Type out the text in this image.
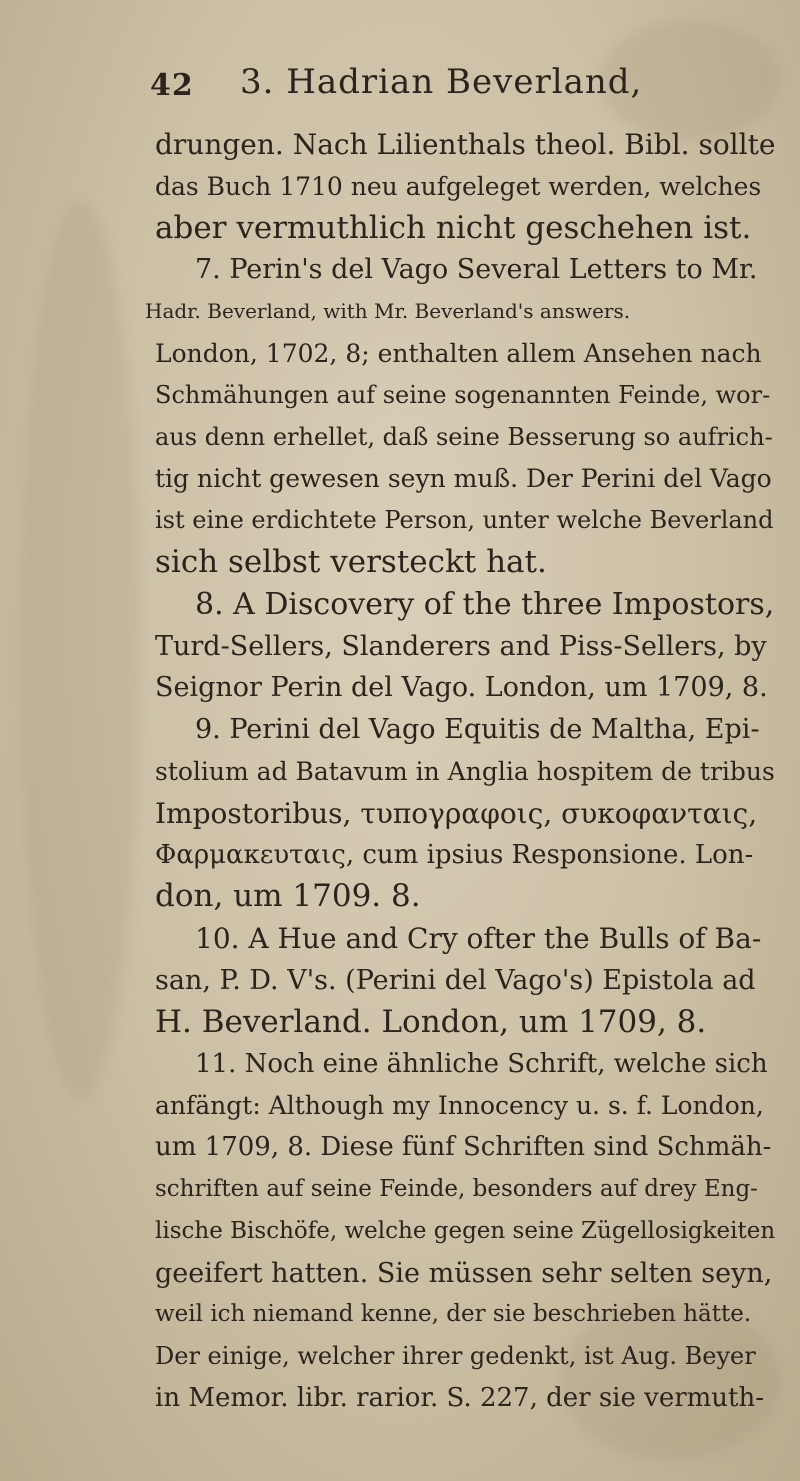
42 3. Hadrian Beverland,
drungen. Nach Lilienthals theol. Bibl. sollte
das Buch 1710 neu aufgeleget werden, welches
aber vermuthlich nicht geschehen ist.
7. Perin's del Vago Several Letters to Mr.
Hadr. Beverland, with Mr. Beverland's answers.
London, 1702, 8; enthalten allem Ansehen nach
Schmähungen auf seine sogenannten Feinde, wor-
aus denn erhellet, daß seine Besserung so aufrich-
tig nicht gewesen seyn muß. Der Perini del Vago
ist eine erdichtete Person, unter welche Beverland
sich selbst versteckt hat.
8. A Discovery of the three Impostors,
Turd-Sellers, Slanderers and Piss-Sellers, by
Seignor Perin del Vago. London, um 1709, 8.
9. Perini del Vago Equitis de Maltha, Epi-
stolium ad Batavum in Anglia hospitem de tribus
Impostoribus, τυπογραφοις, συκοφανταις,
Φαρμακευταις, cum ipsius Responsione. Lon-
don, um 1709. 8.
10. A Hue and Cry ofter the Bulls of Ba-
san, P. D. V's. (Perini del Vago's) Epistola ad
H. Beverland. London, um 1709, 8.
11. Noch eine ähnliche Schrift, welche sich
anfängt: Although my Innocency u. s. f. London,
um 1709, 8. Diese fünf Schriften sind Schmäh-
schriften auf seine Feinde, besonders auf drey Eng-
lische Bischöfe, welche gegen seine Zügellosigkeiten
geeifert hatten. Sie müssen sehr selten seyn,
weil ich niemand kenne, der sie beschrieben hätte.
Der einige, welcher ihrer gedenkt, ist Aug. Beyer
in Memor. libr. rarior. S. 227, der sie vermuth-
